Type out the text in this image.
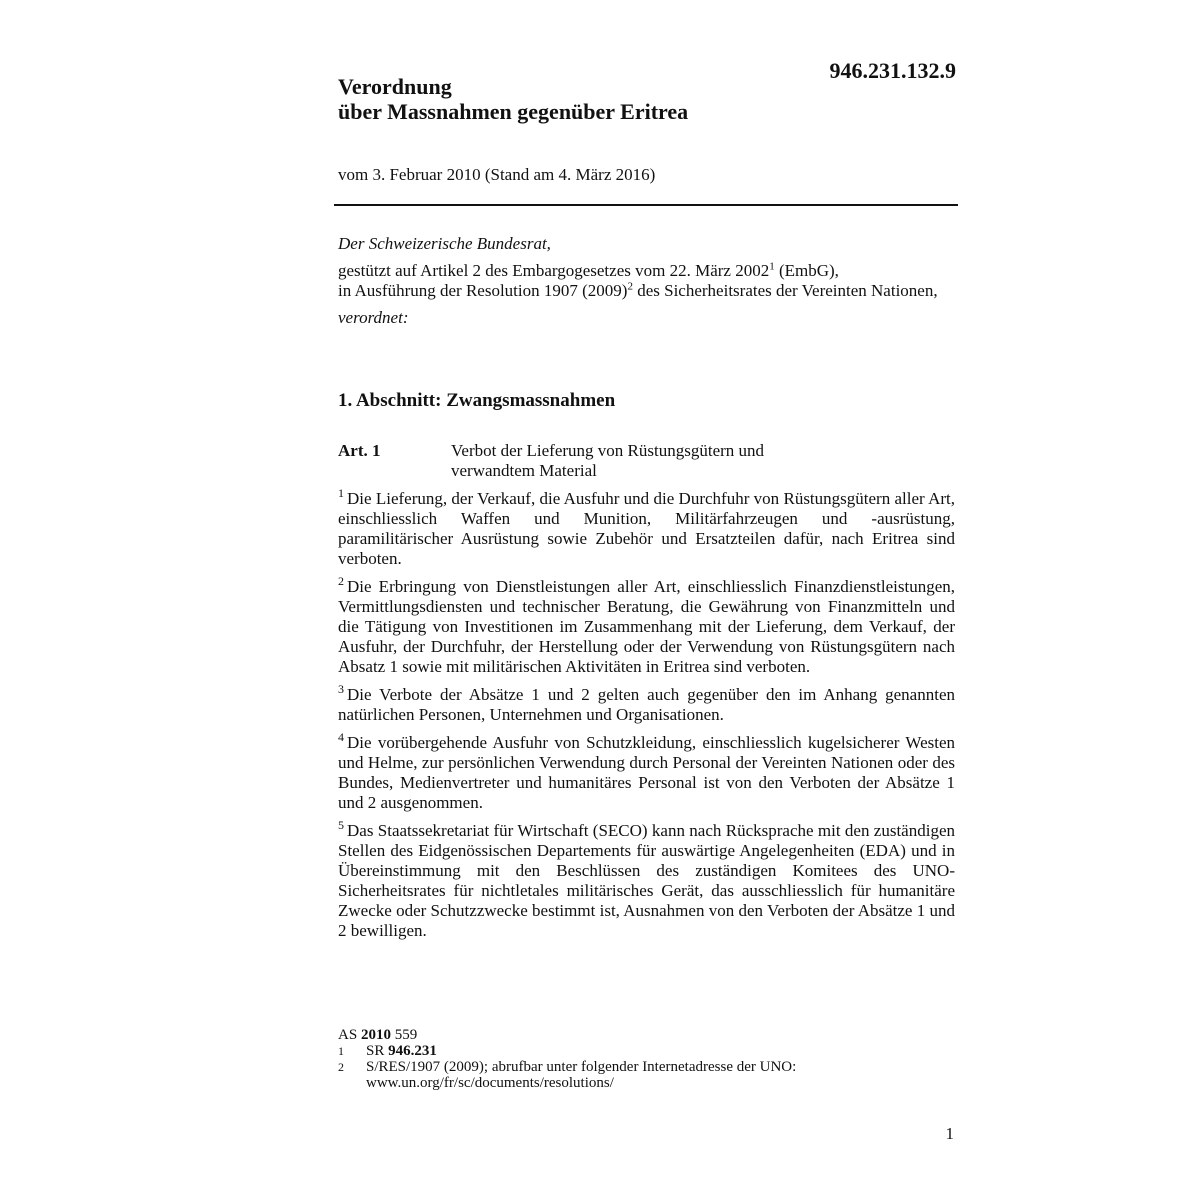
946.231.132.9
Verordnung
über Massnahmen gegenüber Eritrea
vom 3. Februar 2010 (Stand am 4. März 2016)

Der Schweizerische Bundesrat,

gestützt auf Artikel 2 des Embargogesetzes vom 22. März 2002$^1$ (EmbG),

in Ausführung der Resolution 1907 $(2009)^2$ des Sicherheitsrates der Vereinten Nationen,

verordnet:

1. Abschnitt: Zwangsmassnahmen
Art. 1	Verbot der Lieferung von Rüstungsgütern und
verwandtem Material

$^1$ Die Lieferung, der Verkauf, die Ausfuhr und die Durchfuhr von Rüstungsgütern aller Art, einschliesslich Waffen und Munition, Militärfahrzeugen und -ausrüstung, paramilitärischer Ausrüstung sowie Zubehör und Ersatzteilen dafür, nach Eritrea sind verboten.

$^2$ Die Erbringung von Dienstleistungen aller Art, einschliesslich Finanzdienstleistungen, Vermittlungsdiensten und technischer Beratung, die Gewährung von Finanzmitteln und die Tätigung von Investitionen im Zusammenhang mit der Lieferung, dem Verkauf, der Ausfuhr, der Durchfuhr, der Herstellung oder der Verwendung von Rüstungsgütern nach Absatz 1 sowie mit militärischen Aktivitäten in Eritrea sind verboten.

$^3$ Die Verbote der Absätze 1 und 2 gelten auch gegenüber den im Anhang genannten natürlichen Personen, Unternehmen und Organisationen.

$^4$ Die vorübergehende Ausfuhr von Schutzkleidung, einschliesslich kugelsicherer Westen und Helme, zur persönlichen Verwendung durch Personal der Vereinten Nationen oder des Bundes, Medienvertreter und humanitäres Personal ist von den Verboten der Absätze 1 und 2 ausgenommen.

$^5$ Das Staatssekretariat für Wirtschaft (SECO) kann nach Rücksprache mit den zuständigen Stellen des Eidgenössischen Departements für auswärtige Angelegenheiten (EDA) und in Übereinstimmung mit den Beschlüssen des zuständigen Komitees des UNO-Sicherheitsrates für nichtletales militärisches Gerät, das ausschliesslich für humanitäre Zwecke oder Schutzzwecke bestimmt ist, Ausnahmen von den Verboten der Absätze 1 und 2 bewilligen.

AS 2010 559
1	SR 946.231
2	S/RES/1907 (2009); abrufbar unter folgender Internetadresse der UNO:
www.un.org/fr/sc/documents/resolutions/
1
